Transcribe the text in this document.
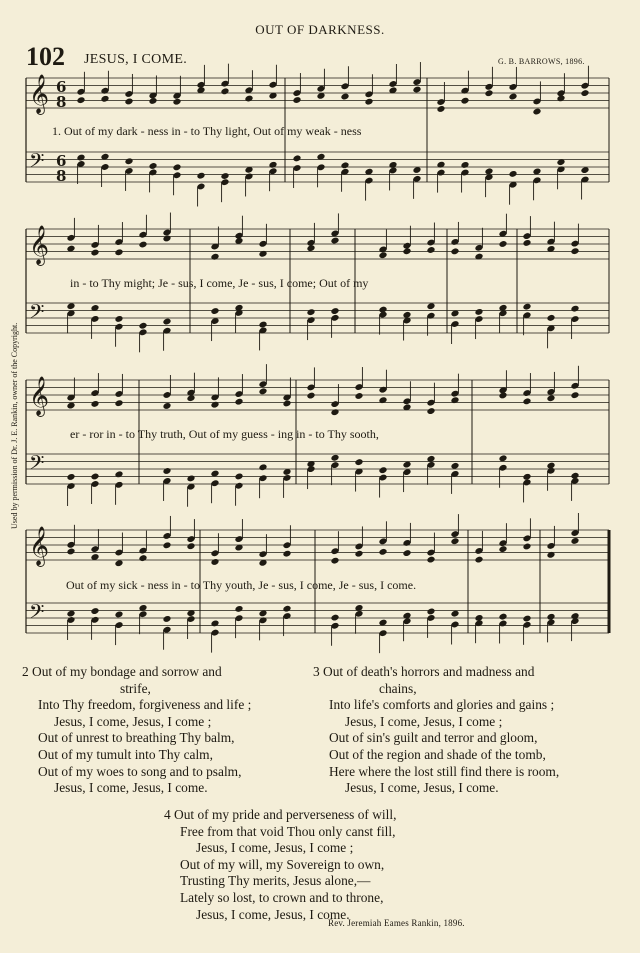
OUT OF DARKNESS.
102 JESUS, I COME.	G. B. BARROWS, 1896.
Used by permission of Dr. J. E. Rankin, owner of the Copyright.
𝄞 6
8
𝄢 6
8
𝄞
𝄢
𝄞
𝄢
𝄞
𝄢
1. Out of my dark - ness in - to Thy light, Out of my weak - ness
in - to Thy might; Je - sus, I come, Je - sus, I come; Out of my
er - ror in - to Thy truth, Out of my guess - ing in - to Thy sooth,
Out of my sick - ness in - to Thy youth, Je - sus, I come, Je - sus, I come.
2 Out of my bondage and sorrow and
strife,
Into Thy freedom, forgiveness and life ;
Jesus, I come, Jesus, I come ;
Out of unrest to breathing Thy balm,
Out of my tumult into Thy calm,
Out of my woes to song and to psalm,
Jesus, I come, Jesus, I come.
3 Out of death's horrors and madness and
chains,
Into life's comforts and glories and gains ;
Jesus, I come, Jesus, I come ;
Out of sin's guilt and terror and gloom,
Out of the region and shade of the tomb,
Here where the lost still find there is room,
Jesus, I come, Jesus, I come.
4 Out of my pride and perverseness of will,
Free from that void Thou only canst fill,
Jesus, I come, Jesus, I come ;
Out of my will, my Sovereign to own,
Trusting Thy merits, Jesus alone,—
Lately so lost, to crown and to throne,
Jesus, I come, Jesus, I come.
Rev. Jeremiah Eames Rankin, 1896.
